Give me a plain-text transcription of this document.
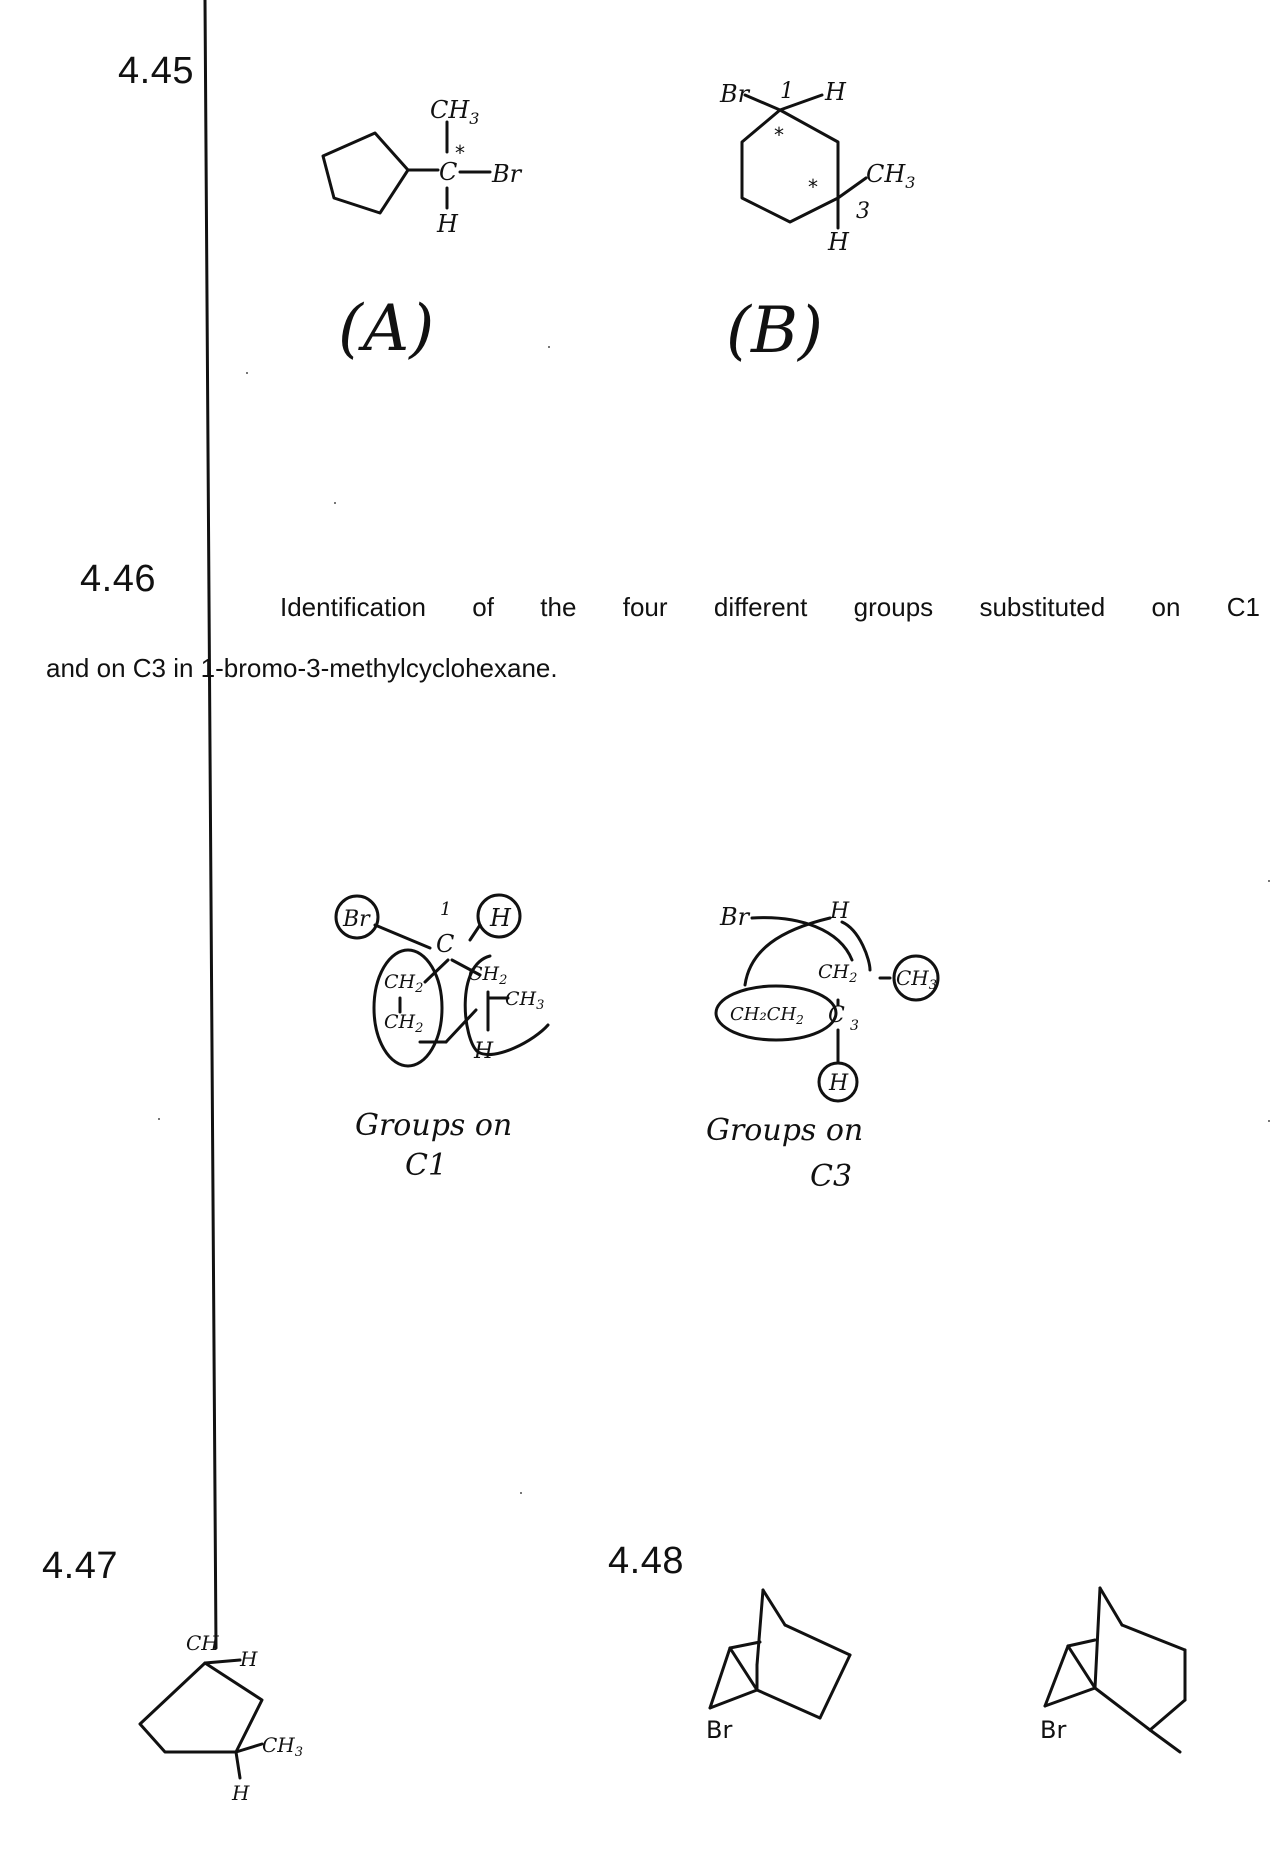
4.45
4.46
Identification of the four different groups substituted on C1
and on C3 in 1-bromo-3-methylcyclohexane.
4.47	4.48
$CH_3$
C
*
Br
H
(A)
Br 1 H
*
* $CH_3$
3
H
(B)
Br	1 H
C
$CH_2$
$CH_2$
$CH_2$
$CH_3$
H
Groups on
C1
Br	H
$CH_2$ $CH_3$
$CH_2CH_2$ C 3
H
Groups on
C3
CH
H
$CH_3$
H
Br	Br
